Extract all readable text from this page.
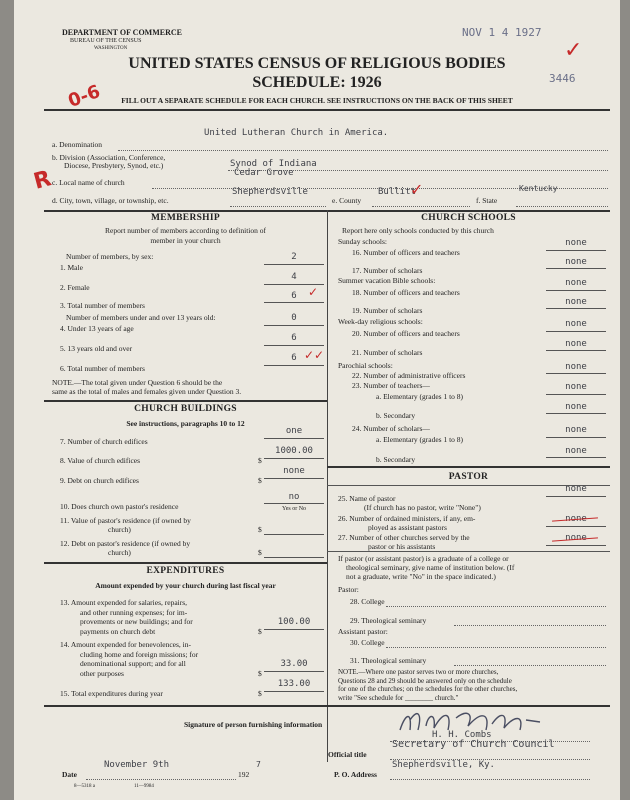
DEPARTMENT OF COMMERCE
BUREAU OF THE CENSUS
WASHINGTON
NOV 1 4 1927
3446
✓
0-6
UNITED STATES CENSUS OF RELIGIOUS BODIES
SCHEDULE: 1926
FILL OUT A SEPARATE SCHEDULE FOR EACH CHURCH. SEE INSTRUCTIONS ON THE BACK OF THIS SHEET
a. Denomination
United Lutheran Church in America.
b. Division (Association, Conference,
Diocese, Presbytery, Synod, etc.)	Synod of Indiana
c. Local name of church
Cedar Grove
R
d. City, town, village, or township, etc.
Shepherdsville
e. County
Bullitt
✓
f. State
Kentucky
MEMBERSHIP
Report number of members according to definition of
member in your church
Number of members, by sex:
1. Male
2
2. Female
4
3. Total number of members
6 ✓
Number of members under and over 13 years old:
4. Under 13 years of age
0
5. 13 years old and over
6
6. Total number of members
6 ✓✓
NOTE.—The total given under Question 6 should be the
same as the total of males and females given under Question 3.
CHURCH BUILDINGS
See instructions, paragraphs 10 to 12
7. Number of church edifices
one
8. Value of church edifices	$
1000.00
9. Debt on church edifices	$
none
10. Does church own pastor's residence
no
Yes or No
11. Value of pastor's residence (if owned by
church)	$
12. Debt on pastor's residence (if owned by
church)	$
EXPENDITURES
Amount expended by your church during last fiscal year
13. Amount expended for salaries, repairs,
and other running expenses; for im-
provements or new buildings; and for
payments on church debt	$
100.00
14. Amount expended for benevolences, in-
cluding home and foreign missions; for
denominational support; and for all
other purposes	$
33.00
15. Total expenditures during year	$
133.00
CHURCH SCHOOLS
Report here only schools conducted by this church
Sunday schools:
16. Number of officers and teachers
none
17. Number of scholars
none
Summer vacation Bible schools:
18. Number of officers and teachers
none
19. Number of scholars
none
Week-day religious schools:
20. Number of officers and teachers
none
21. Number of scholars
none
Parochial schools:
22. Number of administrative officers
none
23. Number of teachers—
a. Elementary (grades 1 to 8)
none
b. Secondary
none
24. Number of scholars—
a. Elementary (grades 1 to 8)
none
b. Secondary
none
PASTOR
25. Name of pastor
none
(If church has no pastor, write "None")
26. Number of ordained ministers, if any, em-
ployed as assistant pastors
none
27. Number of other churches served by the
pastor or his assistants
none
If pastor (or assistant pastor) is a graduate of a college or
theological seminary, give name of institution below. (If
not a graduate, write "No" in the space indicated.)
Pastor:
28. College
29. Theological seminary
Assistant pastor:
30. College
31. Theological seminary
NOTE.—Where one pastor serves two or more churches,
Questions 28 and 29 should be answered only on the schedule
for one of the churches; on the schedules for the other churches,
write "See schedule for ________ church."
Signature of person furnishing information
H. H. Combs
Official title
Secretary of Church Council
Date
November 9th
192
7
P. O. Address
Shepherdsville, Ky.
8—5318 a	11—9984
